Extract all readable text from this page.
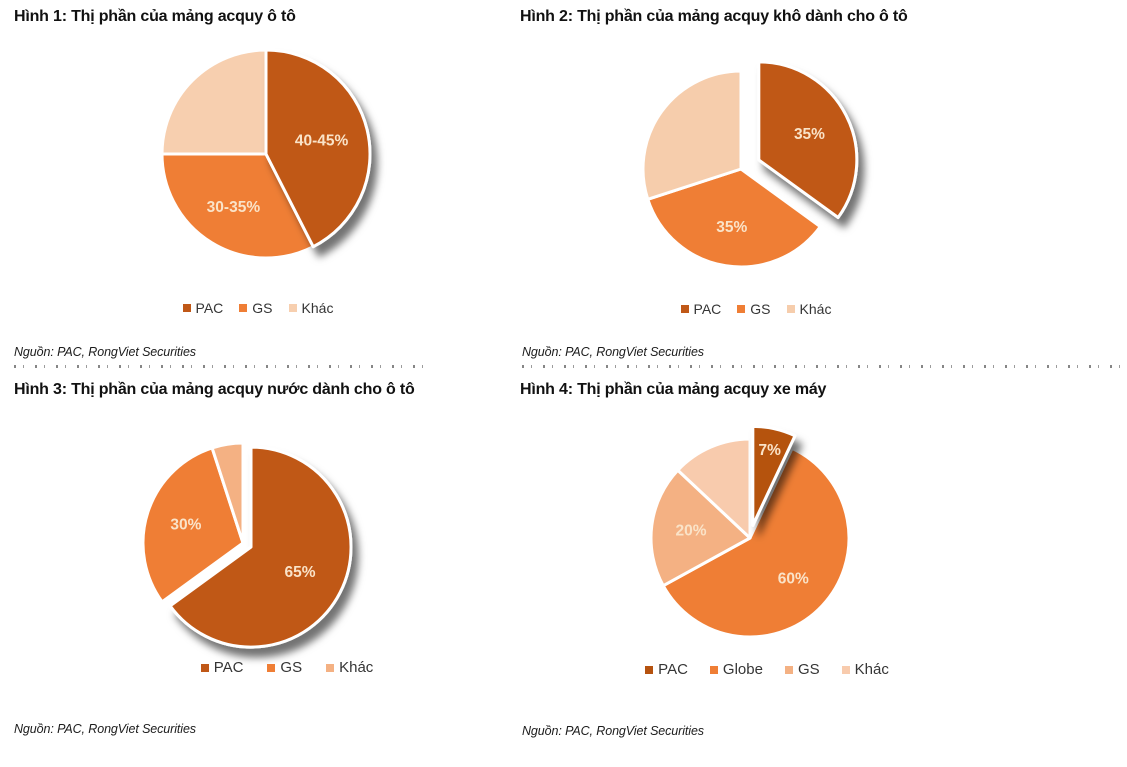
Hình 1: Thị phần của mảng acquy ô tô	Hình 2: Thị phần của mảng acquy khô dành cho ô tô
Hình 3: Thị phần của mảng acquy nước dành cho ô tô	Hình 4: Thị phần của mảng acquy xe máy
30-35%
40-45%
35%
35%
30%
65%	60%
20%
7%
Nguồn: PAC, RongViet Securities	Nguồn: PAC, RongViet Securities
Nguồn: PAC, RongViet Securities	Nguồn: PAC, RongViet Securities
PAC GS Khác	PAC GS Khác
PAC GS Khác	PAC Globe GS Khác
